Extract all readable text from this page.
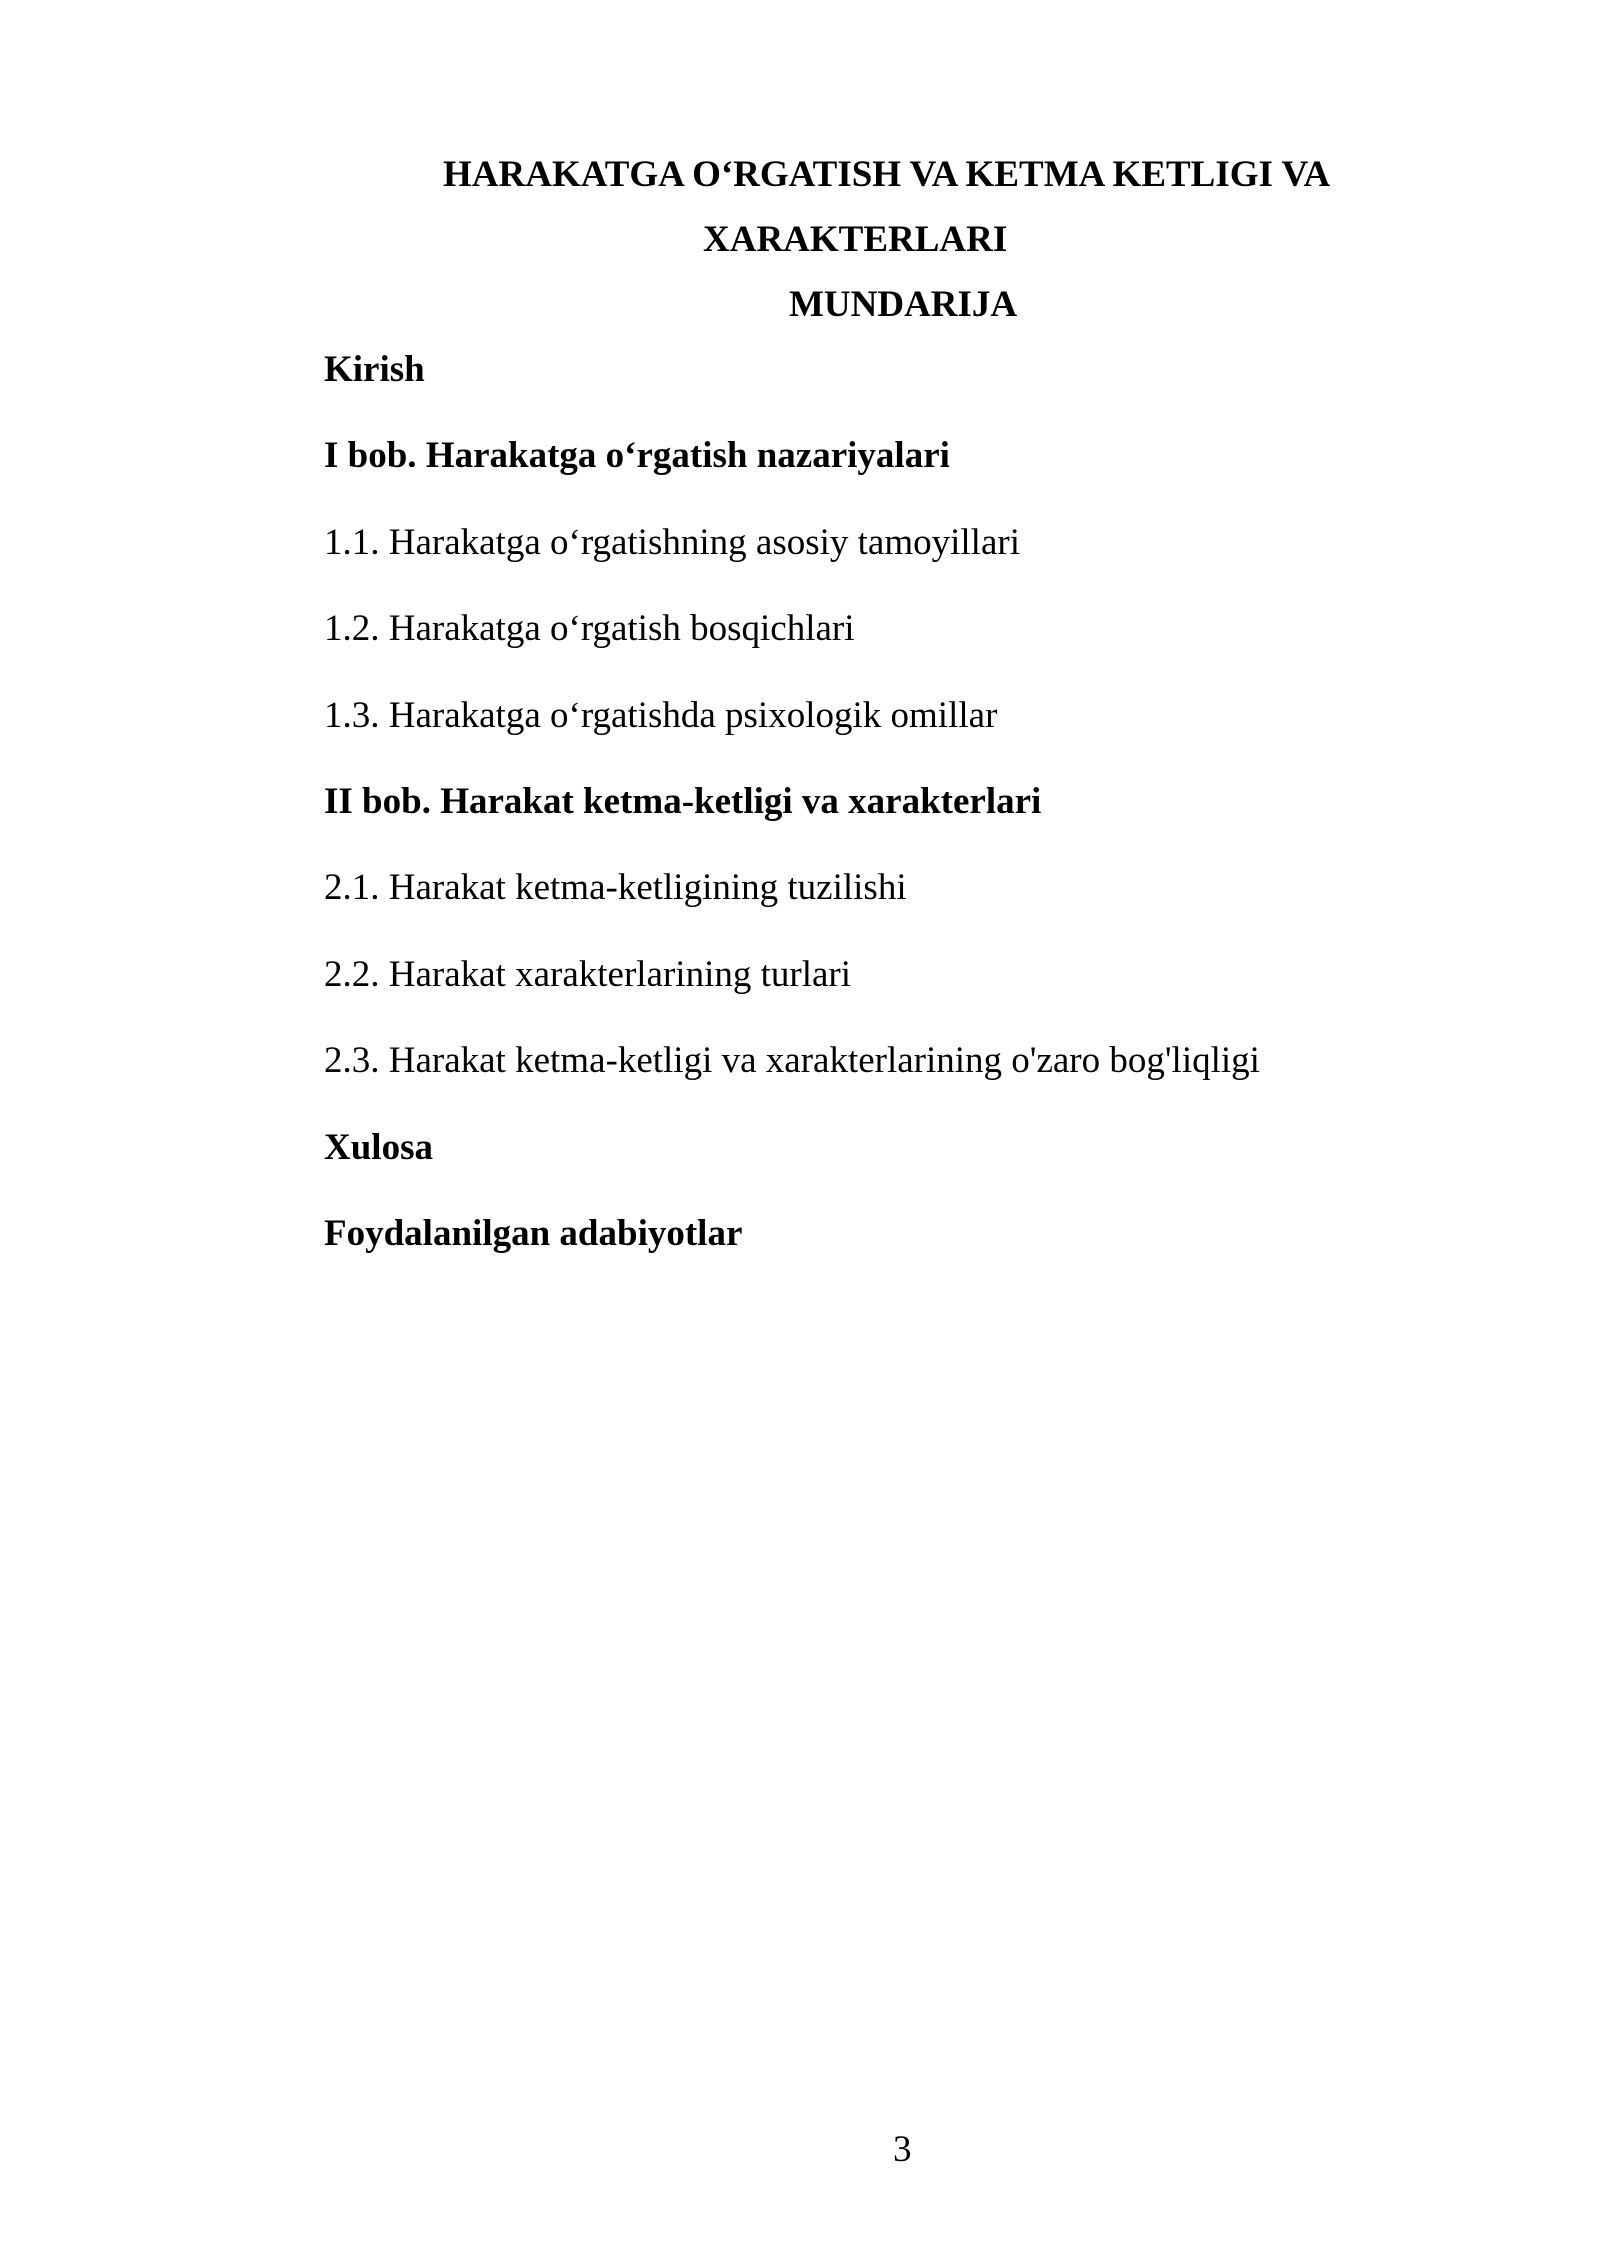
HARAKATGA O‘RGATISH VA KETMA KETLIGI VA
XARAKTERLARI
MUNDARIJA
Kirish
I bob. Harakatga o‘rgatish nazariyalari
1.1. Harakatga o‘rgatishning asosiy tamoyillari
1.2. Harakatga o‘rgatish bosqichlari
1.3. Harakatga o‘rgatishda psixologik omillar
II bob. Harakat ketma-ketligi va xarakterlari
2.1. Harakat ketma-ketligining tuzilishi
2.2. Harakat xarakterlarining turlari
2.3. Harakat ketma-ketligi va xarakterlarining o'zaro bog'liqligi
Xulosa
Foydalanilgan adabiyotlar
3
